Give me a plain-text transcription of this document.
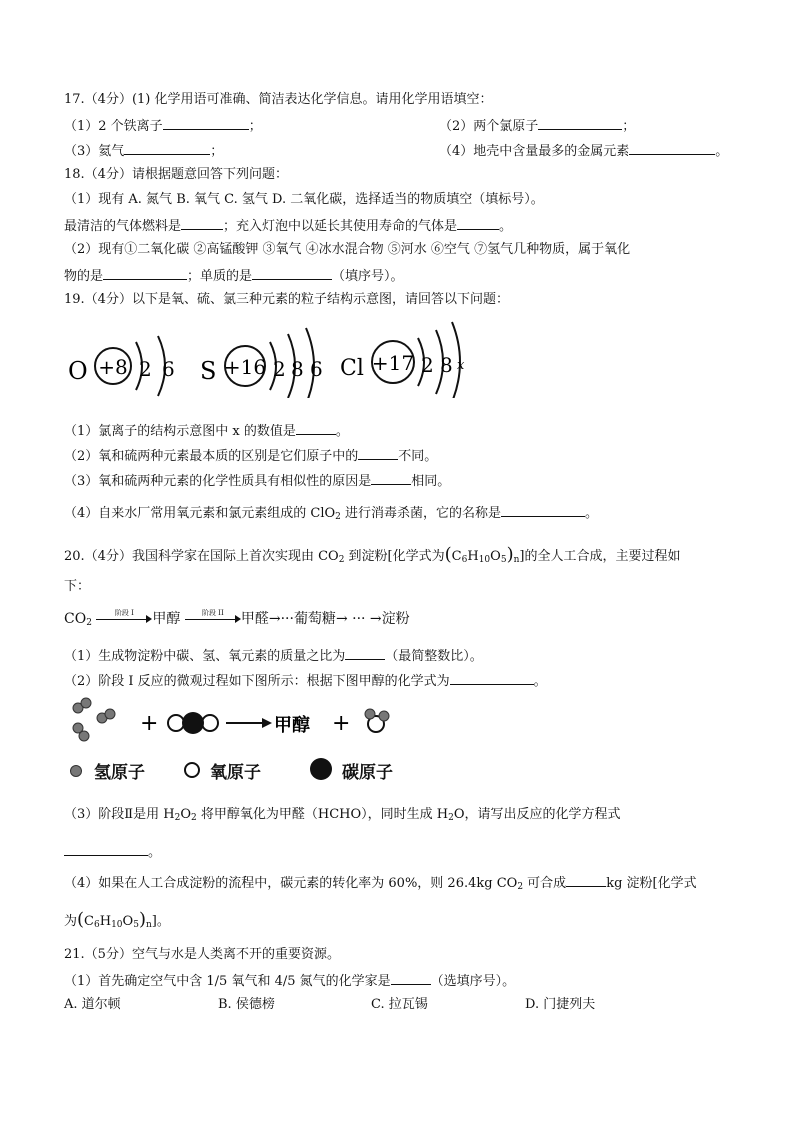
17.（4分）(1) 化学用语可准确、简洁表达化学信息。请用化学用语填空：
（1）2 个铁离子	；	（2）两个氯原子	；
（3）氦气	；	（4）地壳中含量最多的金属元素	。
18.（4分）请根据题意回答下列问题：
（1）现有 A. 氮气 B. 氧气 C. 氢气 D. 二氧化碳，选择适当的物质填空（填标号）。
最清洁的气体燃料是	；充入灯泡中以延长其使用寿命的气体是	。
（2）现有①二氧化碳 ②高锰酸钾 ③氧气 ④冰水混合物 ⑤河水 ⑥空气 ⑦氢气几种物质，属于氧化
物的是	；单质的是	（填序号）。
19.（4分）以下是氧、硫、氯三种元素的粒子结构示意图，请回答以下问题：
O +8 2 6 S +16 2 8 6 Cl +17 2 8 x
（1）氯离子的结构示意图中 x 的数值是	。
（2）氧和硫两种元素最本质的区别是它们原子中的	不同。
（3）氧和硫两种元素的化学性质具有相似性的原因是	相同。
（4）自来水厂常用氧元素和氯元素组成的 ClO$_2$ 进行消毒杀菌，它的名称是	。
20.（4分）我国科学家在国际上首次实现由 $CO_2$ 到淀粉[化学式为$(C_6H_{10}O_5)_n$]的全人工合成，主要过程如
下：
$CO_2$
阶段 I	甲醇	阶段 II	甲醛→···葡萄糖→ ··· →淀粉
（1）生成物淀粉中碳、氢、氧元素的质量之比为	（最简整数比）。
（2）阶段 I 反应的微观过程如下图所示：根据下图甲醇的化学式为	。
+	甲醇 +
氢原子	氧原子	碳原子
（3）阶段Ⅱ是用 $H_2O_2$ 将甲醇氧化为甲醛（HCHO），同时生成 $H_2O$，请写出反应的化学方程式
。
（4）如果在人工合成淀粉的流程中，碳元素的转化率为 60%，则 26.4kg $CO_2$ 可合成	kg 淀粉[化学式
为$(C_6H_{10}O_5)_n$]。
21.（5分）空气与水是人类离不开的重要资源。
（1）首先确定空气中含 1/5 氧气和 4/5 氮气的化学家是	（选填序号）。
A. 道尔顿	B. 侯德榜	C. 拉瓦锡	D. 门捷列夫
